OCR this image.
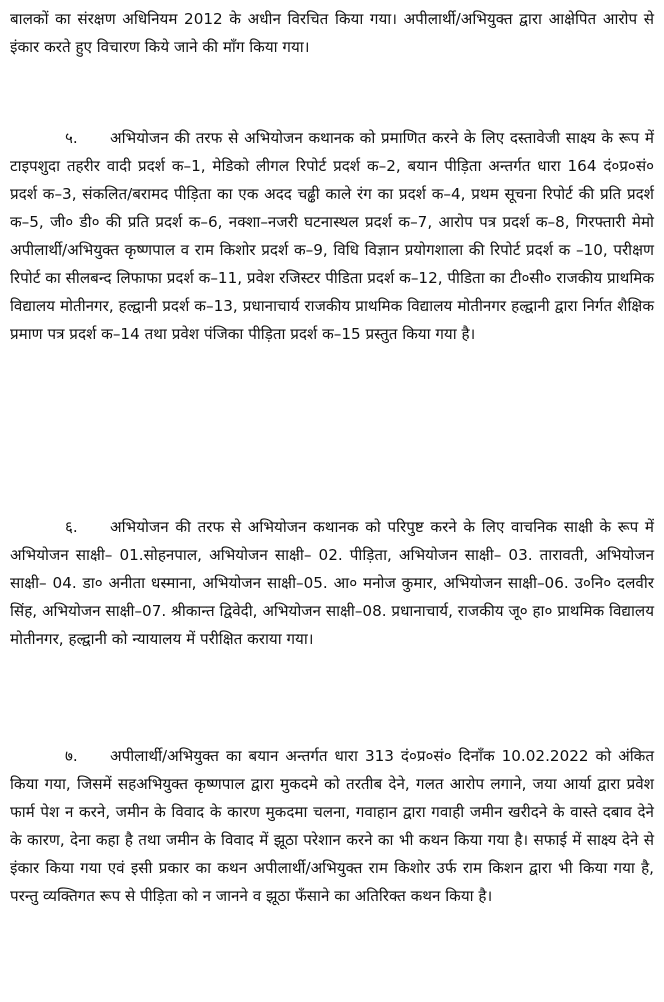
बालकों का संरक्षण अधिनियम 2012 के अधीन विरचित किया गया। अपीलार्थी/अभियुक्त द्वारा आक्षेपित आरोप से इंकार करते हुए विचारण किये जाने की माँग किया गया।

५. अभियोजन की तरफ से अभियोजन कथानक को प्रमाणित करने के लिए दस्तावेजी साक्ष्य के रूप में टाइपशुदा तहरीर वादी प्रदर्श क–1, मेडिको लीगल रिपोर्ट प्रदर्श क–2, बयान पीड़िता अन्तर्गत धारा 164 दं०प्र०सं० प्रदर्श क–3, संकलित/बरामद पीड़िता का एक अदद चढ्ढी काले रंग का प्रदर्श क–4, प्रथम सूचना रिपोर्ट की प्रति प्रदर्श क–5, जी० डी० की प्रति प्रदर्श क–6, नक्शा–नजरी घटनास्थल प्रदर्श क–7, आरोप पत्र प्रदर्श क–8, गिरफ्तारी मेमो अपीलार्थी/अभियुक्त कृष्णपाल व राम किशोर प्रदर्श क–9, विधि विज्ञान प्रयोगशाला की रिपोर्ट प्रदर्श क –10, परीक्षण रिपोर्ट का सीलबन्द लिफाफा प्रदर्श क–11, प्रवेश रजिस्टर पीडिता प्रदर्श क–12, पीडिता का टी०सी० राजकीय प्राथमिक विद्यालय मोतीनगर, हल्द्वानी प्रदर्श क–13, प्रधानाचार्य राजकीय प्राथमिक विद्यालय मोतीनगर हल्द्वानी द्वारा निर्गत शैक्षिक प्रमाण पत्र प्रदर्श क–14 तथा प्रवेश पंजिका पीड़िता प्रदर्श क–15 प्रस्तुत किया गया है।

६. अभियोजन की तरफ से अभियोजन कथानक को परिपुष्ट करने के लिए वाचनिक साक्षी के रूप में अभियोजन साक्षी– 01.सोहनपाल, अभियोजन साक्षी– 02. पीड़िता, अभियोजन साक्षी– 03. तारावती, अभियोजन साक्षी– 04. डा० अनीता धस्माना, अभियोजन साक्षी–05. आ० मनोज कुमार, अभियोजन साक्षी–06. उ०नि० दलवीर सिंह, अभियोजन साक्षी–07. श्रीकान्त द्विवेदी, अभियोजन साक्षी–08. प्रधानाचार्य, राजकीय जू० हा० प्राथमिक विद्यालय मोतीनगर, हल्द्वानी को न्यायालय में परीक्षित कराया गया।

७. अपीलार्थी/अभियुक्त का बयान अन्तर्गत धारा 313 दं०प्र०सं० दिनाँक 10.02.2022 को अंकित किया गया, जिसमें सहअभियुक्त कृष्णपाल द्वारा मुकदमे को तरतीब देने, गलत आरोप लगाने, जया आर्या द्वारा प्रवेश फार्म पेश न करने, जमीन के विवाद के कारण मुकदमा चलना, गवाहान द्वारा गवाही जमीन खरीदने के वास्ते दबाव देने के कारण, देना कहा है तथा जमीन के विवाद में झूठा परेशान करने का भी कथन किया गया है। सफाई में साक्ष्य देने से इंकार किया गया एवं इसी प्रकार का कथन अपीलार्थी/अभियुक्त राम किशोर उर्फ राम किशन द्वारा भी किया गया है, परन्तु व्यक्तिगत रूप से पीड़िता को न जानने व झूठा फँसाने का अतिरिक्त कथन किया है।
